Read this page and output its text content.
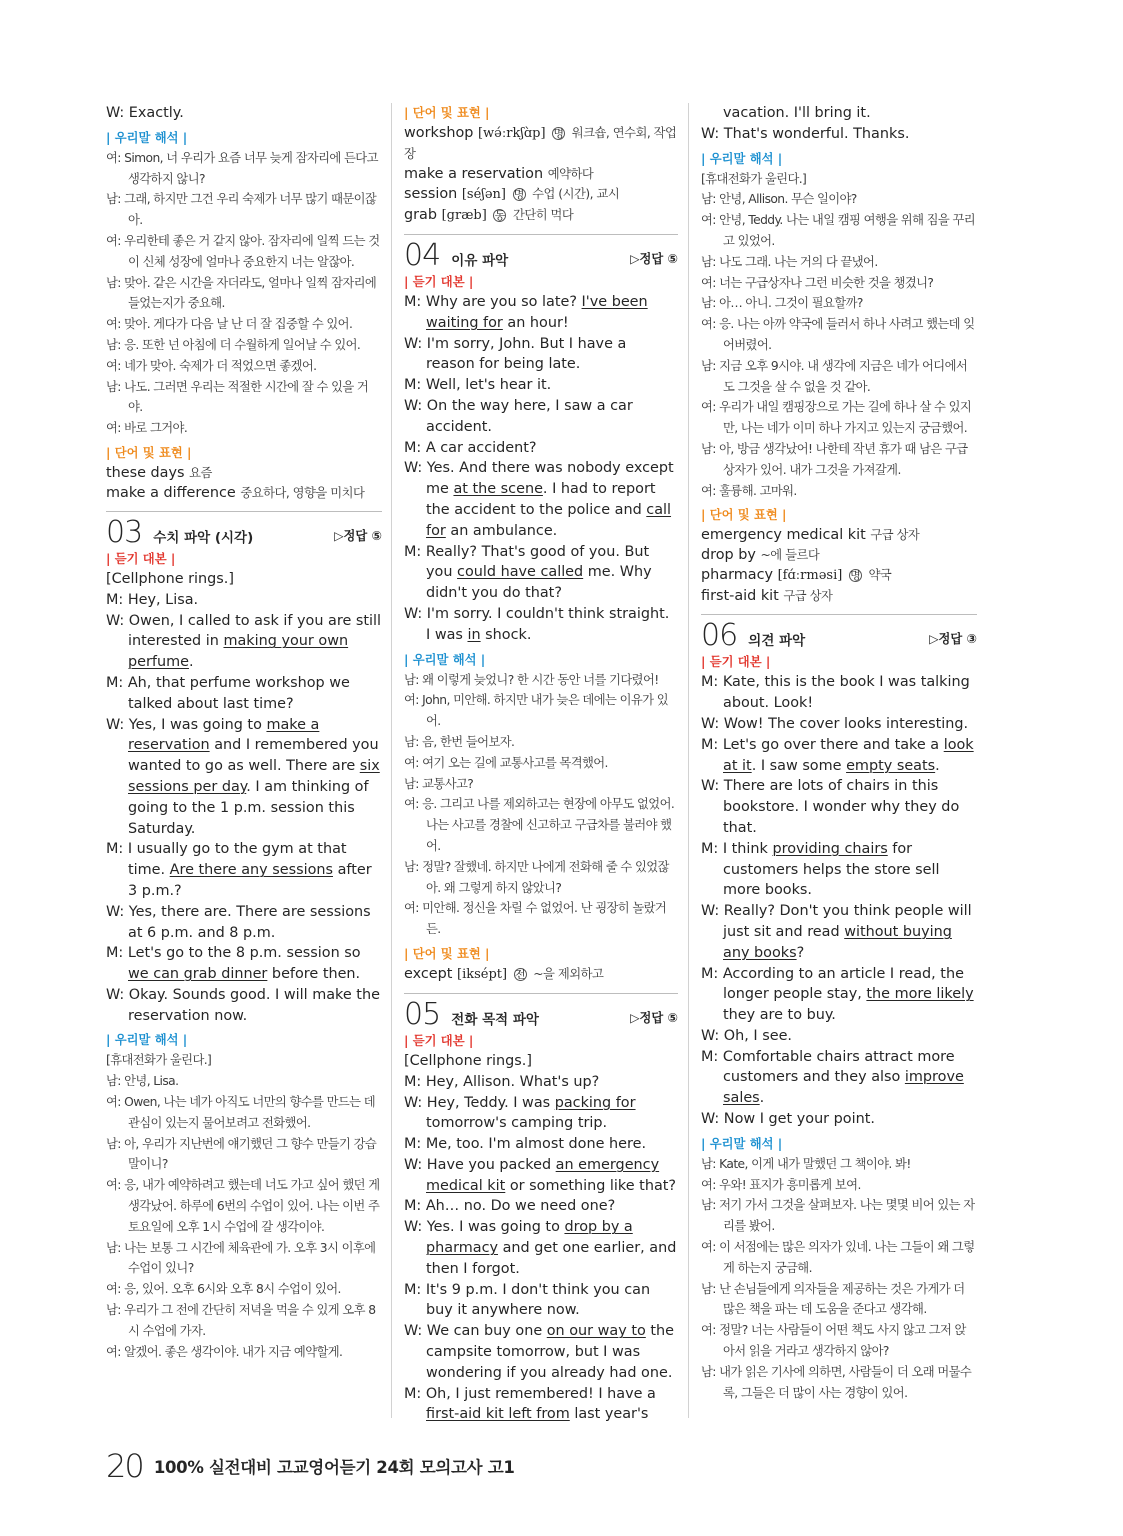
W: Exactly.
| 우리말 해석 |
여: Simon, 너 우리가 요즘 너무 늦게 잠자리에 든다고 생각하지 않니?
남: 그래, 하지만 그건 우리 숙제가 너무 많기 때문이잖아.
여: 우리한테 좋은 거 같지 않아. 잠자리에 일찍 드는 것이 신체 성장에 얼마나 중요한지 너는 알잖아.
남: 맞아. 같은 시간을 자더라도, 얼마나 일찍 잠자리에 들었는지가 중요해.
여: 맞아. 게다가 다음 날 난 더 잘 집중할 수 있어.
남: 응. 또한 넌 아침에 더 수월하게 일어날 수 있어.
여: 네가 맞아. 숙제가 더 적었으면 좋겠어.
남: 나도. 그러면 우리는 적절한 시간에 잘 수 있을 거야.
여: 바로 그거야.
| 단어 및 표현 |
these days 요즘
make a difference 중요하다, 영향을 미치다
03 수치 파악 (시각)	▷정답 ⑤
| 듣기 대본 |
[Cellphone rings.]
M: Hey, Lisa.
W: Owen, I called to ask if you are still interested in making your own perfume.
M: Ah, that perfume workshop we talked about last time?
W: Yes, I was going to make a reservation and I remembered you wanted to go as well. There are six sessions per day. I am thinking of going to the 1 p.m. session this Saturday.
M: I usually go to the gym at that time. Are there any sessions after 3 p.m.?
W: Yes, there are. There are sessions at 6 p.m. and 8 p.m.
M: Let's go to the 8 p.m. session so we can grab dinner before then.
W: Okay. Sounds good. I will make the reservation now.
| 우리말 해석 |
[휴대전화가 울린다.]
남: 안녕, Lisa.
여: Owen, 나는 네가 아직도 너만의 향수를 만드는 데 관심이 있는지 물어보려고 전화했어.
남: 아, 우리가 지난번에 얘기했던 그 향수 만들기 강습 말이니?
여: 응, 내가 예약하려고 했는데 너도 가고 싶어 했던 게 생각났어. 하루에 6번의 수업이 있어. 나는 이번 주 토요일에 오후 1시 수업에 갈 생각이야.
남: 나는 보통 그 시간에 체육관에 가. 오후 3시 이후에 수업이 있니?
여: 응, 있어. 오후 6시와 오후 8시 수업이 있어.
남: 우리가 그 전에 간단히 저녁을 먹을 수 있게 오후 8시 수업에 가자.
여: 알겠어. 좋은 생각이야. 내가 지금 예약할게.
| 단어 및 표현 |
workshop [wə́ːrkʃɑ̀p] 명 워크숍, 연수회, 작업장
make a reservation 예약하다
session [séʃən] 명 수업 (시간), 교시
grab [græb] 동 간단히 먹다
04 이유 파악	▷정답 ⑤
| 듣기 대본 |
M: Why are you so late? I've been waiting for an hour!
W: I'm sorry, John. But I have a reason for being late.
M: Well, let's hear it.
W: On the way here, I saw a car accident.
M: A car accident?
W: Yes. And there was nobody except me at the scene. I had to report the accident to the police and call for an ambulance.
M: Really? That's good of you. But you could have called me. Why didn't you do that?
W: I'm sorry. I couldn't think straight. I was in shock.
| 우리말 해석 |
남: 왜 이렇게 늦었니? 한 시간 동안 너를 기다렸어!
여: John, 미안해. 하지만 내가 늦은 데에는 이유가 있어.
남: 음, 한번 들어보자.
여: 여기 오는 길에 교통사고를 목격했어.
남: 교통사고?
여: 응. 그리고 나를 제외하고는 현장에 아무도 없었어. 나는 사고를 경찰에 신고하고 구급차를 불러야 했어.
남: 정말? 잘했네. 하지만 나에게 전화해 줄 수 있었잖아. 왜 그렇게 하지 않았니?
여: 미안해. 정신을 차릴 수 없었어. 난 굉장히 놀랐거든.
| 단어 및 표현 |
except [iksépt] 전 ~을 제외하고
05 전화 목적 파악	▷정답 ⑤
| 듣기 대본 |
[Cellphone rings.]
M: Hey, Allison. What's up?
W: Hey, Teddy. I was packing for tomorrow's camping trip.
M: Me, too. I'm almost done here.
W: Have you packed an emergency medical kit or something like that?
M: Ah… no. Do we need one?
W: Yes. I was going to drop by a pharmacy and get one earlier, and then I forgot.
M: It's 9 p.m. I don't think you can buy it anywhere now.
W: We can buy one on our way to the campsite tomorrow, but I was wondering if you already had one.
M: Oh, I just remembered! I have a first-aid kit left from last year's
vacation. I'll bring it.
W: That's wonderful. Thanks.
| 우리말 해석 |
[휴대전화가 울린다.]
남: 안녕, Allison. 무슨 일이야?
여: 안녕, Teddy. 나는 내일 캠핑 여행을 위해 짐을 꾸리고 있었어.
남: 나도 그래. 나는 거의 다 끝냈어.
여: 너는 구급상자나 그런 비슷한 것을 챙겼니?
남: 아… 아니. 그것이 필요할까?
여: 응. 나는 아까 약국에 들러서 하나 사려고 했는데 잊어버렸어.
남: 지금 오후 9시야. 내 생각에 지금은 네가 어디에서도 그것을 살 수 없을 것 같아.
여: 우리가 내일 캠핑장으로 가는 길에 하나 살 수 있지만, 나는 네가 이미 하나 가지고 있는지 궁금했어.
남: 아, 방금 생각났어! 나한테 작년 휴가 때 남은 구급상자가 있어. 내가 그것을 가져갈게.
여: 훌륭해. 고마워.
| 단어 및 표현 |
emergency medical kit 구급 상자
drop by ~에 들르다
pharmacy [fɑ́ːrməsi] 명 약국
first-aid kit 구급 상자
06 의견 파악	▷정답 ③
| 듣기 대본 |
M: Kate, this is the book I was talking about. Look!
W: Wow! The cover looks interesting.
M: Let's go over there and take a look at it. I saw some empty seats.
W: There are lots of chairs in this bookstore. I wonder why they do that.
M: I think providing chairs for customers helps the store sell more books.
W: Really? Don't you think people will just sit and read without buying any books?
M: According to an article I read, the longer people stay, the more likely they are to buy.
W: Oh, I see.
M: Comfortable chairs attract more customers and they also improve sales.
W: Now I get your point.
| 우리말 해석 |
남: Kate, 이게 내가 말했던 그 책이야. 봐!
여: 우와! 표지가 흥미롭게 보여.
남: 저기 가서 그것을 살펴보자. 나는 몇몇 비어 있는 자리를 봤어.
여: 이 서점에는 많은 의자가 있네. 나는 그들이 왜 그렇게 하는지 궁금해.
남: 난 손님들에게 의자들을 제공하는 것은 가게가 더 많은 책을 파는 데 도움을 준다고 생각해.
여: 정말? 너는 사람들이 어떤 책도 사지 않고 그저 앉아서 읽을 거라고 생각하지 않아?
남: 내가 읽은 기사에 의하면, 사람들이 더 오래 머물수록, 그들은 더 많이 사는 경향이 있어.
20 100% 실전대비 고교영어듣기 24회 모의고사 고1
